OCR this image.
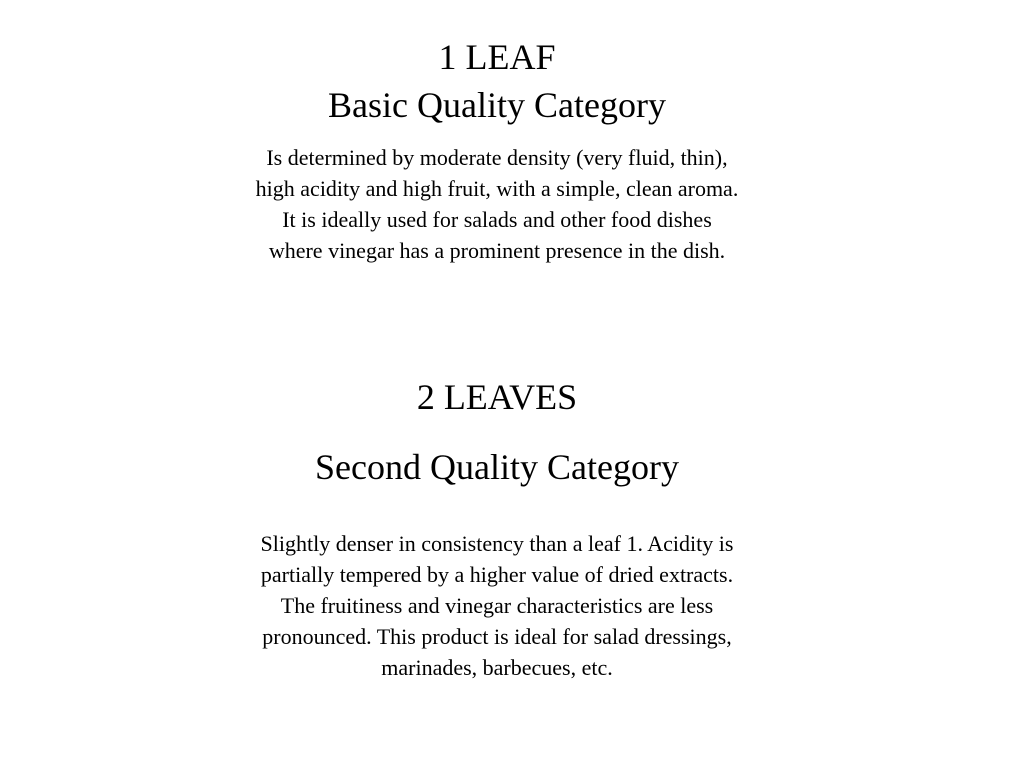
1 LEAF
Basic Quality Category
Is determined by moderate density (very fluid, thin),
high acidity and high fruit, with a simple, clean aroma.
It is ideally used for salads and other food dishes
where vinegar has a prominent presence in the dish.
2 LEAVES
Second Quality Category
Slightly denser in consistency than a leaf 1. Acidity is
partially tempered by a higher value of dried extracts.
The fruitiness and vinegar characteristics are less
pronounced. This product is ideal for salad dressings,
marinades, barbecues, etc.
